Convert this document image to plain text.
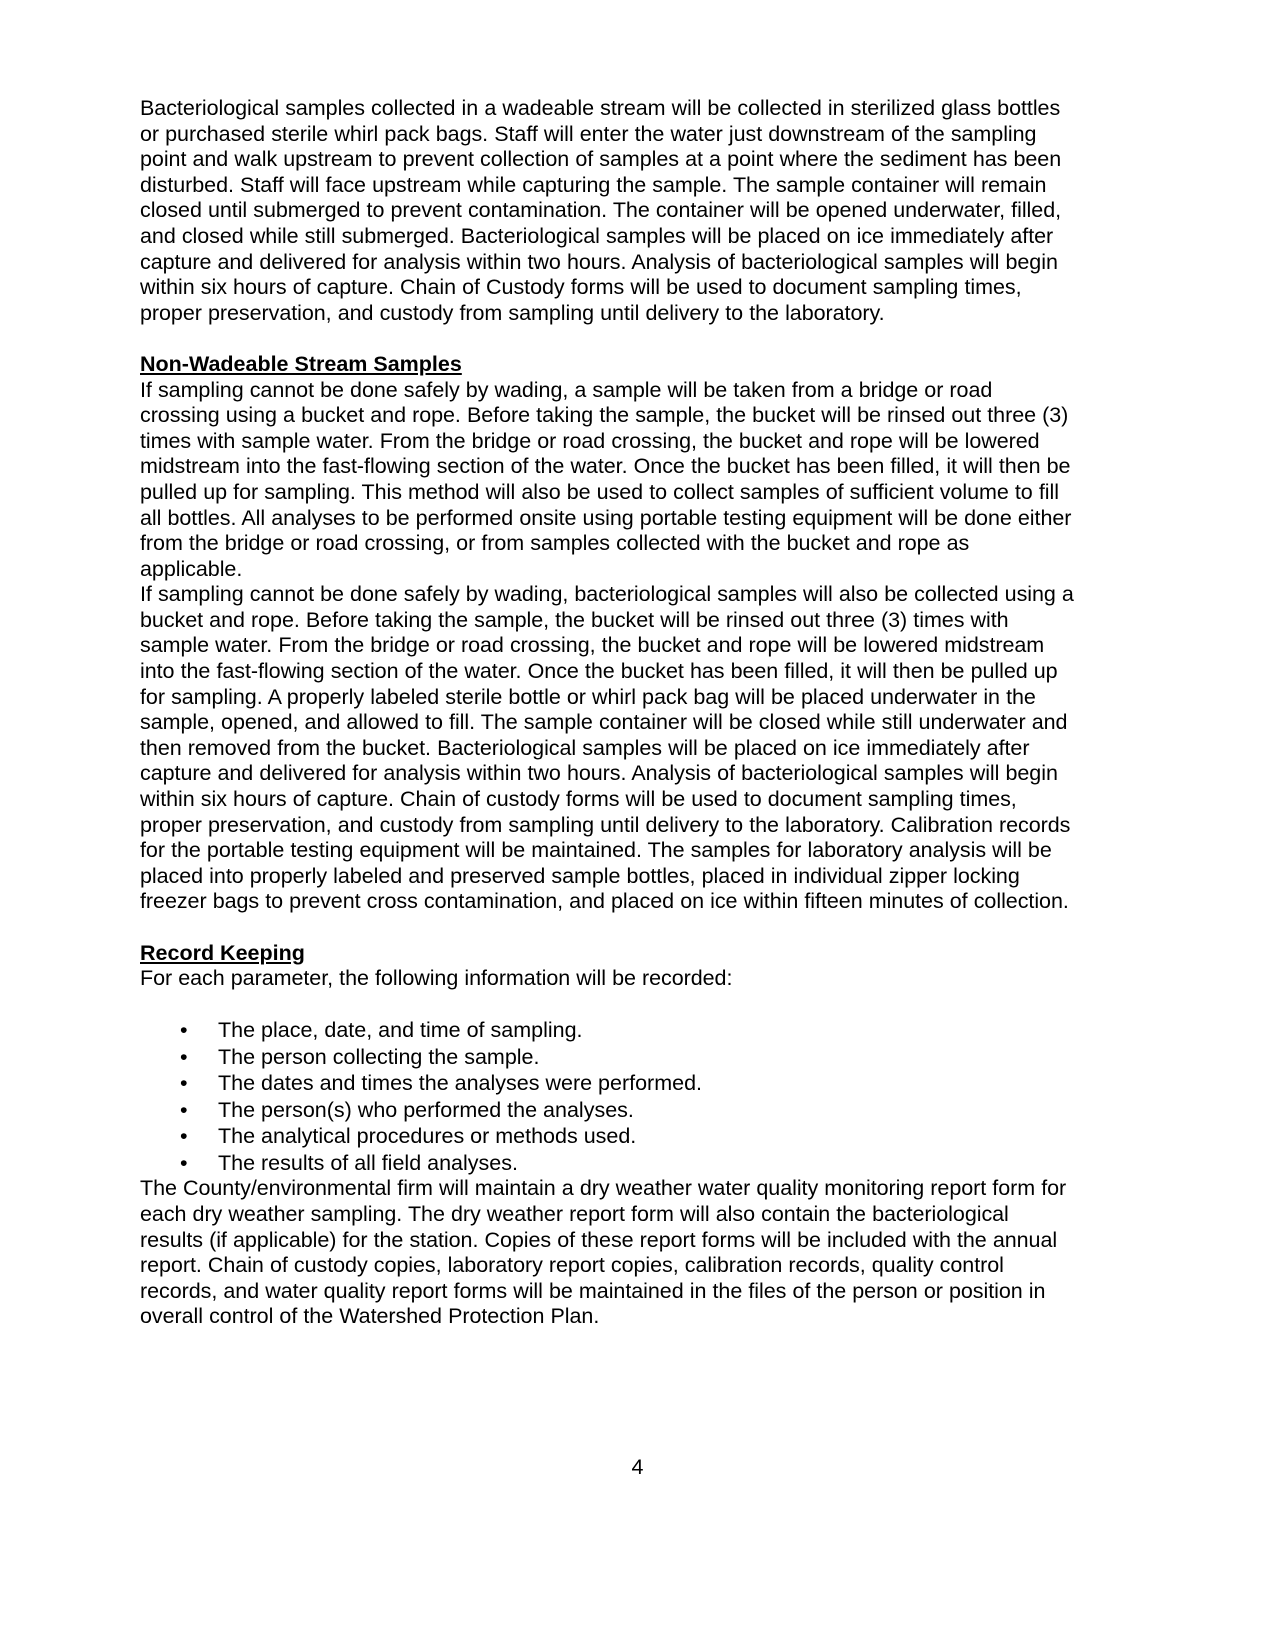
Bacteriological samples collected in a wadeable stream will be collected in sterilized glass bottles or purchased sterile whirl pack bags. Staff will enter the water just downstream of the sampling point and walk upstream to prevent collection of samples at a point where the sediment has been disturbed. Staff will face upstream while capturing the sample. The sample container will remain closed until submerged to prevent contamination. The container will be opened underwater, filled, and closed while still submerged. Bacteriological samples will be placed on ice immediately after capture and delivered for analysis within two hours. Analysis of bacteriological samples will begin within six hours of capture. Chain of Custody forms will be used to document sampling times, proper preservation, and custody from sampling until delivery to the laboratory.

Non-Wadeable Stream Samples

If sampling cannot be done safely by wading, a sample will be taken from a bridge or road crossing using a bucket and rope. Before taking the sample, the bucket will be rinsed out three (3) times with sample water. From the bridge or road crossing, the bucket and rope will be lowered midstream into the fast-flowing section of the water. Once the bucket has been filled, it will then be pulled up for sampling. This method will also be used to collect samples of sufficient volume to fill all bottles. All analyses to be performed onsite using portable testing equipment will be done either from the bridge or road crossing, or from samples collected with the bucket and rope as applicable.

If sampling cannot be done safely by wading, bacteriological samples will also be collected using a bucket and rope. Before taking the sample, the bucket will be rinsed out three (3) times with sample water. From the bridge or road crossing, the bucket and rope will be lowered midstream into the fast-flowing section of the water. Once the bucket has been filled, it will then be pulled up for sampling. A properly labeled sterile bottle or whirl pack bag will be placed underwater in the sample, opened, and allowed to fill. The sample container will be closed while still underwater and then removed from the bucket. Bacteriological samples will be placed on ice immediately after capture and delivered for analysis within two hours. Analysis of bacteriological samples will begin within six hours of capture. Chain of custody forms will be used to document sampling times, proper preservation, and custody from sampling until delivery to the laboratory. Calibration records for the portable testing equipment will be maintained. The samples for laboratory analysis will be placed into properly labeled and preserved sample bottles, placed in individual zipper locking freezer bags to prevent cross contamination, and placed on ice within fifteen minutes of collection.

Record Keeping

For each parameter, the following information will be recorded:

• The place, date, and time of sampling.
• The person collecting the sample.
• The dates and times the analyses were performed.
• The person(s) who performed the analyses.
• The analytical procedures or methods used.
• The results of all field analyses.

The County/environmental firm will maintain a dry weather water quality monitoring report form for each dry weather sampling. The dry weather report form will also contain the bacteriological results (if applicable) for the station. Copies of these report forms will be included with the annual report. Chain of custody copies, laboratory report copies, calibration records, quality control records, and water quality report forms will be maintained in the files of the person or position in overall control of the Watershed Protection Plan.

4
